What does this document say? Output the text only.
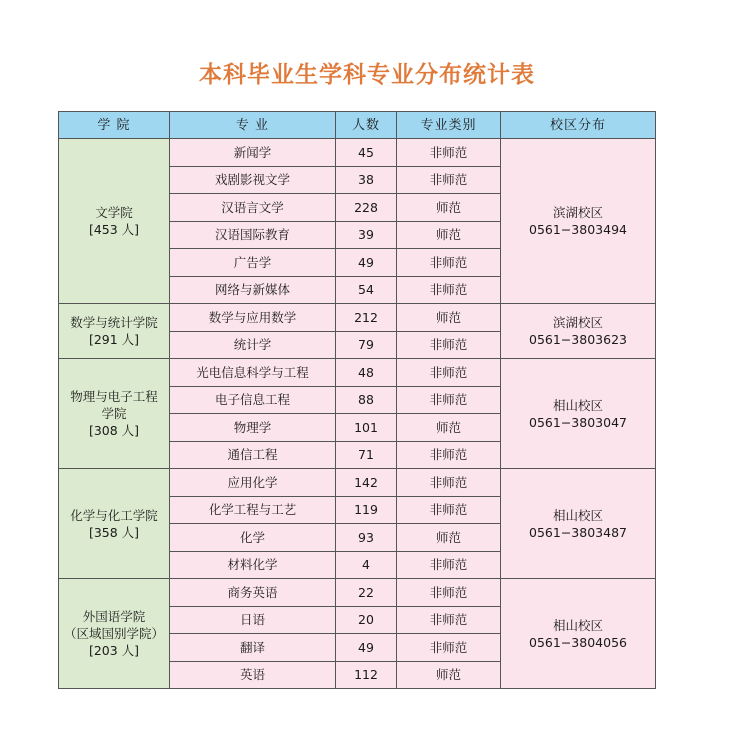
本科毕业生学科专业分布统计表
学 院	专 业	人数	专业类别	校区分布

文学院
[453 人]	新闻学	45	非师范	滨湖校区
0561−3803494

	戏剧影视文学	38	非师范	
	汉语言文学	228	师范	
	汉语国际教育	39	师范	
	广告学	49	非师范	
	网络与新媒体	54	非师范	

数学与统计学院
[291 人]	数学与应用数学	212	师范	滨湖校区
0561−3803623

	统计学	79	非师范	

物理与电子工程
学院
[308 人]	光电信息科学与工程	48	非师范	相山校区
0561−3803047

	电子信息工程	88	非师范	
	物理学	101	师范	
	通信工程	71	非师范	

化学与化工学院
[358 人]	应用化学	142	非师范	相山校区
0561−3803487

	化学工程与工艺	119	非师范	
	化学	93	师范	
	材料化学	4	非师范	

外国语学院
（区域国别学院）
[203 人]	商务英语	22	非师范	相山校区
0561−3804056

	日语	20	非师范	
	翻译	49	非师范	
	英语	112	师范	
